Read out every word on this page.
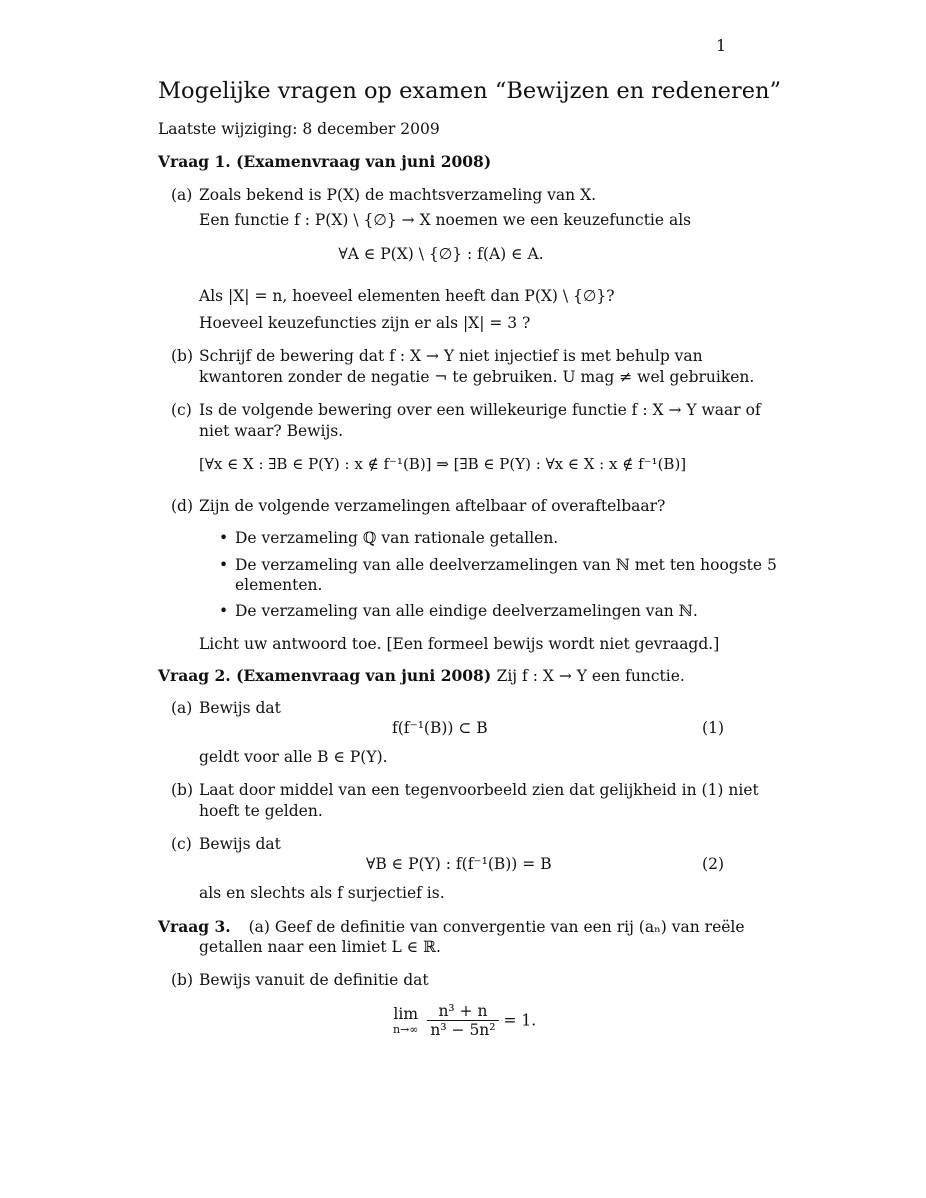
1
Mogelijke vragen op examen “Bewijzen en redeneren”
Laatste wijziging: 8 december 2009
Vraag 1. (Examenvraag van juni 2008)
(a) Zoals bekend is P(X) de machtsverzameling van X.
Een functie f : P(X) \ {∅} → X noemen we een keuzefunctie als
∀A ∈ P(X) \ {∅} : f(A) ∈ A.
Als |X| = n, hoeveel elementen heeft dan P(X) \ {∅}?
Hoeveel keuzefuncties zijn er als |X| = 3 ?
(b) Schrijf de bewering dat f : X → Y niet injectief is met behulp van
kwantoren zonder de negatie ¬ te gebruiken. U mag ≠ wel gebruiken.
(c) Is de volgende bewering over een willekeurige functie f : X → Y waar of
niet waar? Bewijs.
[∀x ∈ X : ∃B ∈ P(Y) : x ∉ f⁻¹(B)] ⇒ [∃B ∈ P(Y) : ∀x ∈ X : x ∉ f⁻¹(B)]
(d) Zijn de volgende verzamelingen aftelbaar of overaftelbaar?
• De verzameling ℚ van rationale getallen.
• De verzameling van alle deelverzamelingen van ℕ met ten hoogste 5
elementen.
• De verzameling van alle eindige deelverzamelingen van ℕ.
Licht uw antwoord toe. [Een formeel bewijs wordt niet gevraagd.]
Vraag 2. (Examenvraag van juni 2008) Zij f : X → Y een functie.
(a) Bewijs dat
f(f⁻¹(B)) ⊂ B	(1)
geldt voor alle B ∈ P(Y).
(b) Laat door middel van een tegenvoorbeeld zien dat gelijkheid in (1) niet
hoeft te gelden.
(c) Bewijs dat
∀B ∈ P(Y) : f(f⁻¹(B)) = B	(2)
als en slechts als f surjectief is.
Vraag 3. (a) Geef de definitie van convergentie van een rij (aₙ) van reële
getallen naar een limiet L ∈ ℝ.
(b) Bewijs vanuit de definitie dat
lim
n→∞
$\frac{\text{n³ + n}}{\text{n³ − 5n²}} = 1$.
